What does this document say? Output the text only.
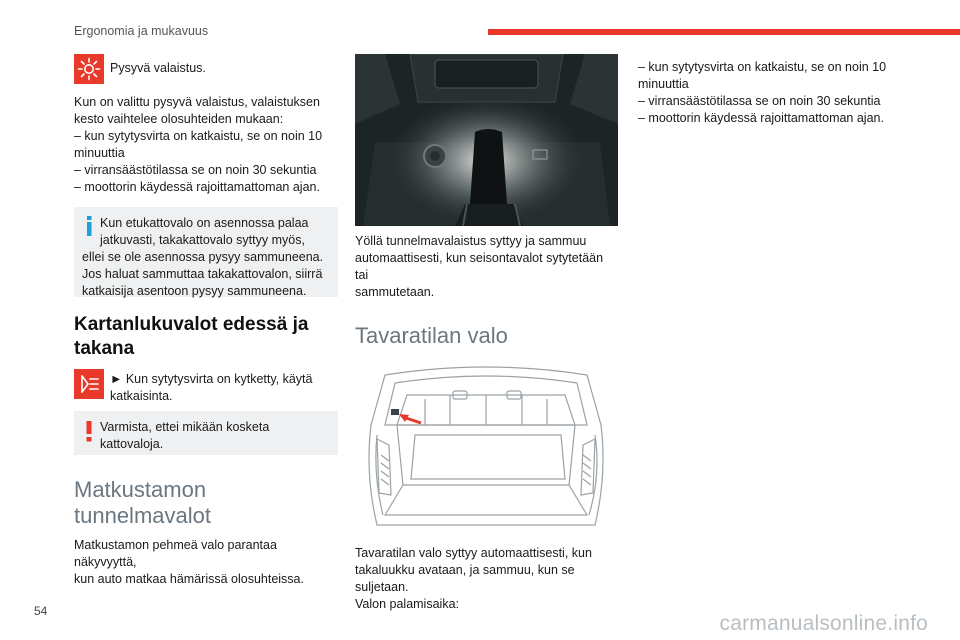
Ergonomia ja mukavuus

Pysyvä valaistus.

Kun on valittu pysyvä valaistus, valaistuksen
kesto vaihtelee olosuhteiden mukaan:
– kun sytytysvirta on katkaistu, se on noin 10
minuuttia
– virransäästötilassa se on noin 30 sekuntia
– moottorin käydessä rajoittamattoman ajan.
Kun etukattovalo on asennossa palaa
jatkuvasti, takakattovalo syttyy myös,
ellei se ole asennossa pysyy sammuneena.
Jos haluat sammuttaa takakattovalon, siirrä
katkaisija asentoon pysyy sammuneena.
Kartanlukuvalot edessä ja
takana
► Kun sytytysvirta on kytketty, käytä
katkaisinta.
Varmista, ettei mikään kosketa
kattovaloja.
Matkustamon
tunnelmavalot
Matkustamon pehmeä valo parantaa näkyvyyttä,
kun auto matkaa hämärissä olosuhteissa.
Yöllä tunnelmavalaistus syttyy ja sammuu
automaattisesti, kun seisontavalot sytytetään tai
sammutetaan.
Tavaratilan valo
Tavaratilan valo syttyy automaattisesti, kun
takaluukku avataan, ja sammuu, kun se
suljetaan.
Valon palamisaika:
– kun sytytysvirta on katkaistu, se on noin 10
minuuttia
– virransäästötilassa se on noin 30 sekuntia
– moottorin käydessä rajoittamattoman ajan.
54
carmanualsonline.info
